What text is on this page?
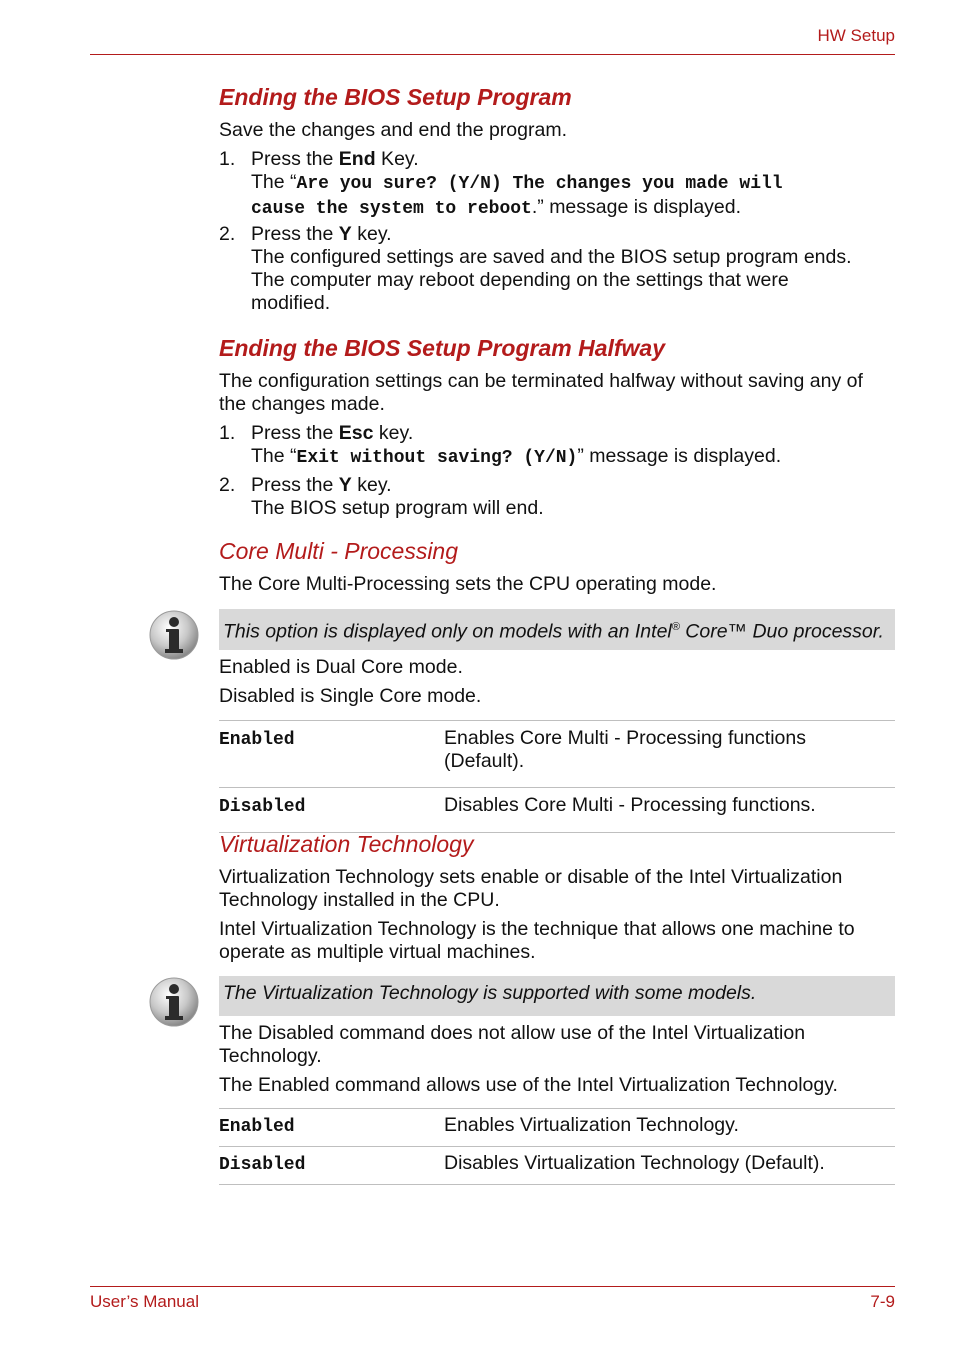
HW Setup
User’s Manual	7-9
Ending the BIOS Setup Program

Save the changes and end the program.

1. Press the End Key.
The “Are you sure? (Y/N) The changes you made will
cause the system to reboot.” message is displayed.
2. Press the Y key.
The configured settings are saved and the BIOS setup program ends.
The computer may reboot depending on the settings that were
modified.
Ending the BIOS Setup Program Halfway

The configuration settings can be terminated halfway without saving any of

the changes made.

1. Press the Esc key.
The “Exit without saving? (Y/N)” message is displayed.
2. Press the Y key.
The BIOS setup program will end.
Core Multi - Processing

The Core Multi-Processing sets the CPU operating mode.

This option is displayed only on models with an Intel® Core™ Duo processor.

Enabled is Dual Core mode.

Disabled is Single Core mode.

Enabled	Enables Core Multi - Processing functions
(Default).

Disabled	Disables Core Multi - Processing functions.
Virtualization Technology

Virtualization Technology sets enable or disable of the Intel Virtualization

Technology installed in the CPU.

Intel Virtualization Technology is the technique that allows one machine to

operate as multiple virtual machines.

The Virtualization Technology is supported with some models.

The Disabled command does not allow use of the Intel Virtualization

Technology.

The Enabled command allows use of the Intel Virtualization Technology.

Enabled	Enables Virtualization Technology.

Disabled	Disables Virtualization Technology (Default).
